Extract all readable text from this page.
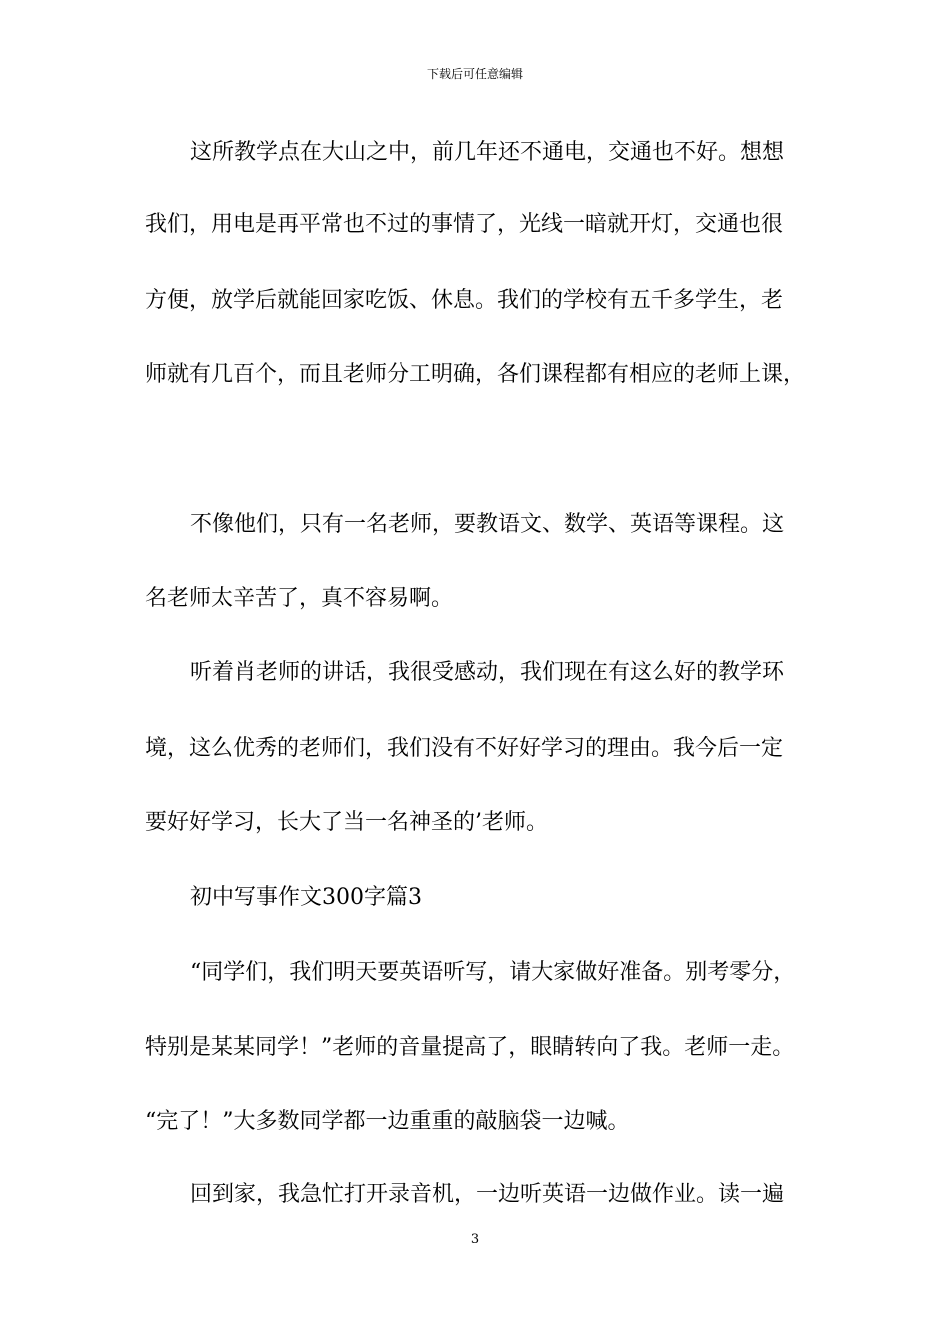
下载后可任意编辑
这所教学点在大山之中，前几年还不通电，交通也不好。想想
我们，用电是再平常也不过的事情了，光线一暗就开灯，交通也很
方便，放学后就能回家吃饭、休息。我们的学校有五千多学生，老
师就有几百个，而且老师分工明确，各们课程都有相应的老师上课，
不像他们，只有一名老师，要教语文、数学、英语等课程。这
名老师太辛苦了，真不容易啊。
听着肖老师的讲话，我很受感动，我们现在有这么好的教学环
境，这么优秀的老师们，我们没有不好好学习的理由。我今后一定
要好好学习，长大了当一名神圣的’老师。
初中写事作文300字篇3
“同学们，我们明天要英语听写，请大家做好准备。别考零分，
特别是某某同学！”老师的音量提高了，眼睛转向了我。老师一走。
“完了！”大多数同学都一边重重的敲脑袋一边喊。
回到家，我急忙打开录音机，一边听英语一边做作业。读一遍
3
